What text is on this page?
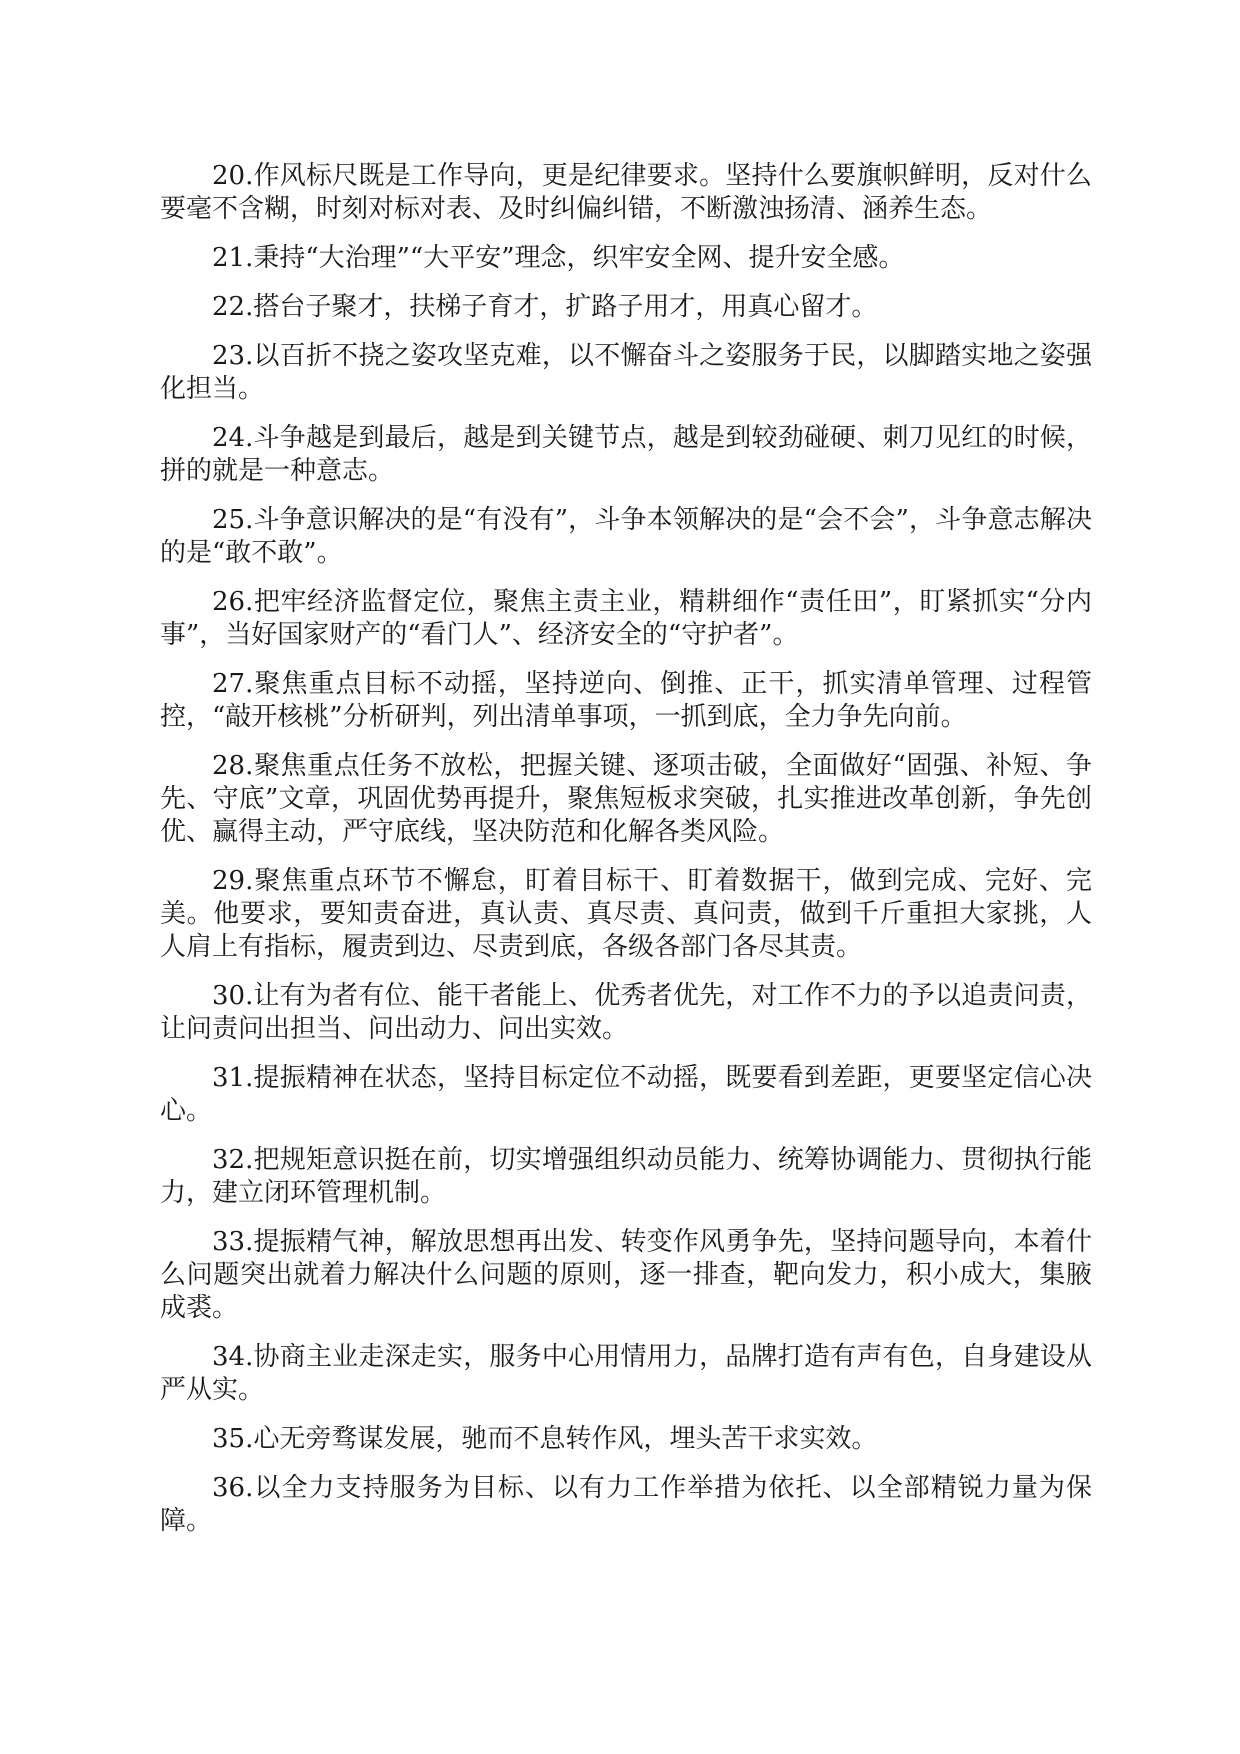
20.作风标尺既是工作导向，更是纪律要求。坚持什么要旗帜鲜明，反对什么要毫不含糊，时刻对标对表、及时纠偏纠错，不断激浊扬清、涵养生态。

21.秉持“大治理”“大平安”理念，织牢安全网、提升安全感。

22.搭台子聚才，扶梯子育才，扩路子用才，用真心留才。

23.以百折不挠之姿攻坚克难，以不懈奋斗之姿服务于民，以脚踏实地之姿强化担当。

24.斗争越是到最后，越是到关键节点，越是到较劲碰硬、刺刀见红的时候，拼的就是一种意志。

25.斗争意识解决的是“有没有”，斗争本领解决的是“会不会”，斗争意志解决的是“敢不敢”。

26.把牢经济监督定位，聚焦主责主业，精耕细作“责任田”，盯紧抓实“分内事”，当好国家财产的“看门人”、经济安全的“守护者”。

27.聚焦重点目标不动摇，坚持逆向、倒推、正干，抓实清单管理、过程管控，“敲开核桃”分析研判，列出清单事项，一抓到底，全力争先向前。

28.聚焦重点任务不放松，把握关键、逐项击破，全面做好“固强、补短、争先、守底”文章，巩固优势再提升，聚焦短板求突破，扎实推进改革创新，争先创优、赢得主动，严守底线，坚决防范和化解各类风险。

29.聚焦重点环节不懈怠，盯着目标干、盯着数据干，做到完成、完好、完美。他要求，要知责奋进，真认责、真尽责、真问责，做到千斤重担大家挑，人人肩上有指标，履责到边、尽责到底，各级各部门各尽其责。

30.让有为者有位、能干者能上、优秀者优先，对工作不力的予以追责问责，让问责问出担当、问出动力、问出实效。

31.提振精神在状态，坚持目标定位不动摇，既要看到差距，更要坚定信心决心。

32.把规矩意识挺在前，切实增强组织动员能力、统筹协调能力、贯彻执行能力，建立闭环管理机制。

33.提振精气神，解放思想再出发、转变作风勇争先，坚持问题导向，本着什么问题突出就着力解决什么问题的原则，逐一排查，靶向发力，积小成大，集腋成裘。

34.协商主业走深走实，服务中心用情用力，品牌打造有声有色，自身建设从严从实。

35.心无旁骛谋发展，驰而不息转作风，埋头苦干求实效。

36.以全力支持服务为目标、以有力工作举措为依托、以全部精锐力量为保障。
